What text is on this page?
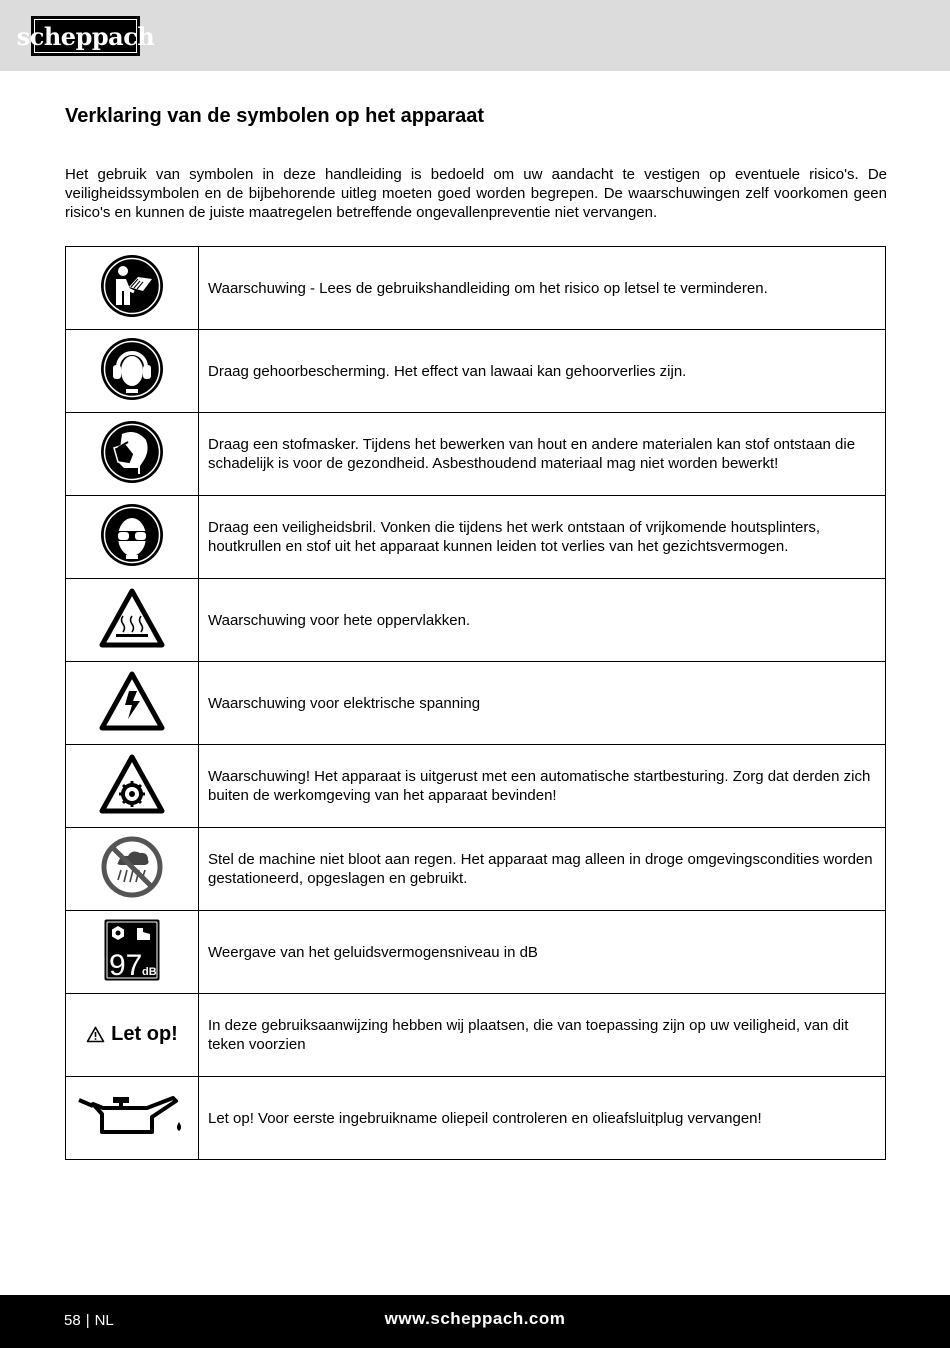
scheppach
Verklaring van de symbolen op het apparaat

Het gebruik van symbolen in deze handleiding is bedoeld om uw aandacht te vestigen op eventuele risico's. De veiligheidssymbolen en de bijbehorende uitleg moeten goed worden begrepen. De waarschuwingen zelf voorkomen geen risico's en kunnen de juiste maatregelen betreffende ongevallenpreventie niet vervangen.

	Waarschuwing - Lees de gebruikshandleiding om het risico op letsel te verminderen.
	Draag gehoorbescherming. Het effect van lawaai kan gehoorverlies zijn.
	Draag een stofmasker. Tijdens het bewerken van hout en andere materialen kan stof ontstaan die schadelijk is voor de gezondheid. Asbesthoudend materiaal mag niet worden bewerkt!
	Draag een veiligheidsbril. Vonken die tijdens het werk ontstaan of vrijkomende houtsplinters, houtkrullen en stof uit het apparaat kunnen leiden tot verlies van het gezichtsvermogen.
	Waarschuwing voor hete oppervlakken.
	Waarschuwing voor elektrische spanning
	Waarschuwing! Het apparaat is uitgerust met een automatische startbesturing. Zorg dat derden zich buiten de werkomgeving van het apparaat bevinden!
	Stel de machine niet bloot aan regen. Het apparaat mag alleen in droge omgevingscondities worden gestationeerd, opgeslagen en gebruikt.

97 dB	Weergave van het geluidsvermogensniveau in dB

Let op!	In deze gebruiksaanwijzing hebben wij plaatsen, die van toepassing zijn op uw veiligheid, van dit teken voorzien
	Let op! Voor eerste ingebruikname oliepeil controleren en olieafsluitplug vervangen!
58 | NL	www.scheppach.com
